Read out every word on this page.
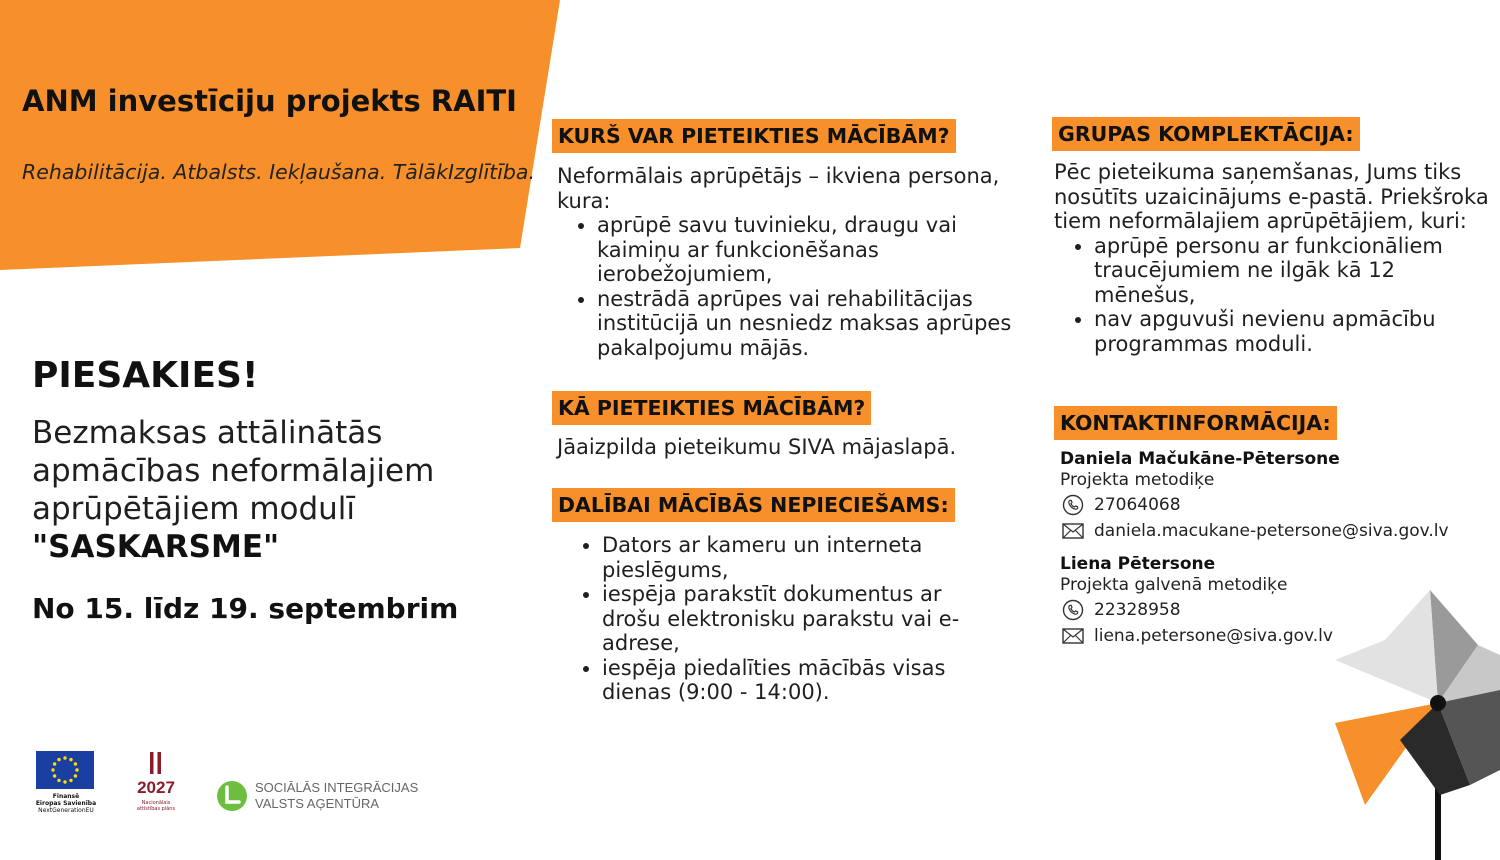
ANM investīciju projekts RAITI
Rehabilitācija. Atbalsts. Iekļaušana. TālākIzglītība.
PIESAKIES!
Bezmaksas attālinātās apmācības neformālajiem aprūpētājiem modulī
"SASKARSME"
No 15. līdz 19. septembrim
KURŠ VAR PIETEIKTIES MĀCĪBĀM?
Neformālais aprūpētājs – ikviena persona, kura:
• aprūpē savu tuvinieku, draugu vai kaimiņu ar funkcionēšanas ierobežojumiem,
• nestrādā aprūpes vai rehabilitācijas institūcijā un nesniedz maksas aprūpes pakalpojumu mājās.
KĀ PIETEIKTIES MĀCĪBĀM?
Jāaizpilda pieteikumu SIVA mājaslapā.
DALĪBAI MĀCĪBĀS NEPIECIEŠAMS:
• Dators ar kameru un interneta pieslēgums,
• iespēja parakstīt dokumentus ar drošu elektronisku parakstu vai e-adrese,
• iespēja piedalīties mācībās visas dienas (9:00 - 14:00).
GRUPAS KOMPLEKTĀCIJA:
Pēc pieteikuma saņemšanas, Jums tiks nosūtīts uzaicinājums e-pastā. Priekšroka tiem neformālajiem aprūpētājiem, kuri:
• aprūpē personu ar funkcionāliem traucējumiem ne ilgāk kā 12 mēnešus,
• nav apguvuši nevienu apmācību programmas moduli.
KONTAKTINFORMĀCIJA:
Daniela Mačukāne-Pētersone
Projekta metodiķe
27064068
daniela.macukane-petersone@siva.gov.lv
Liena Pētersone
Projekta galvenā metodiķe
22328958
liena.petersone@siva.gov.lv
Finansē
Eiropas Savienība
NextGenerationEU
2027
Nacionālais
attīstības plāns
SOCIĀLĀS INTEGRĀCIJAS
VALSTS AĢENTŪRA
